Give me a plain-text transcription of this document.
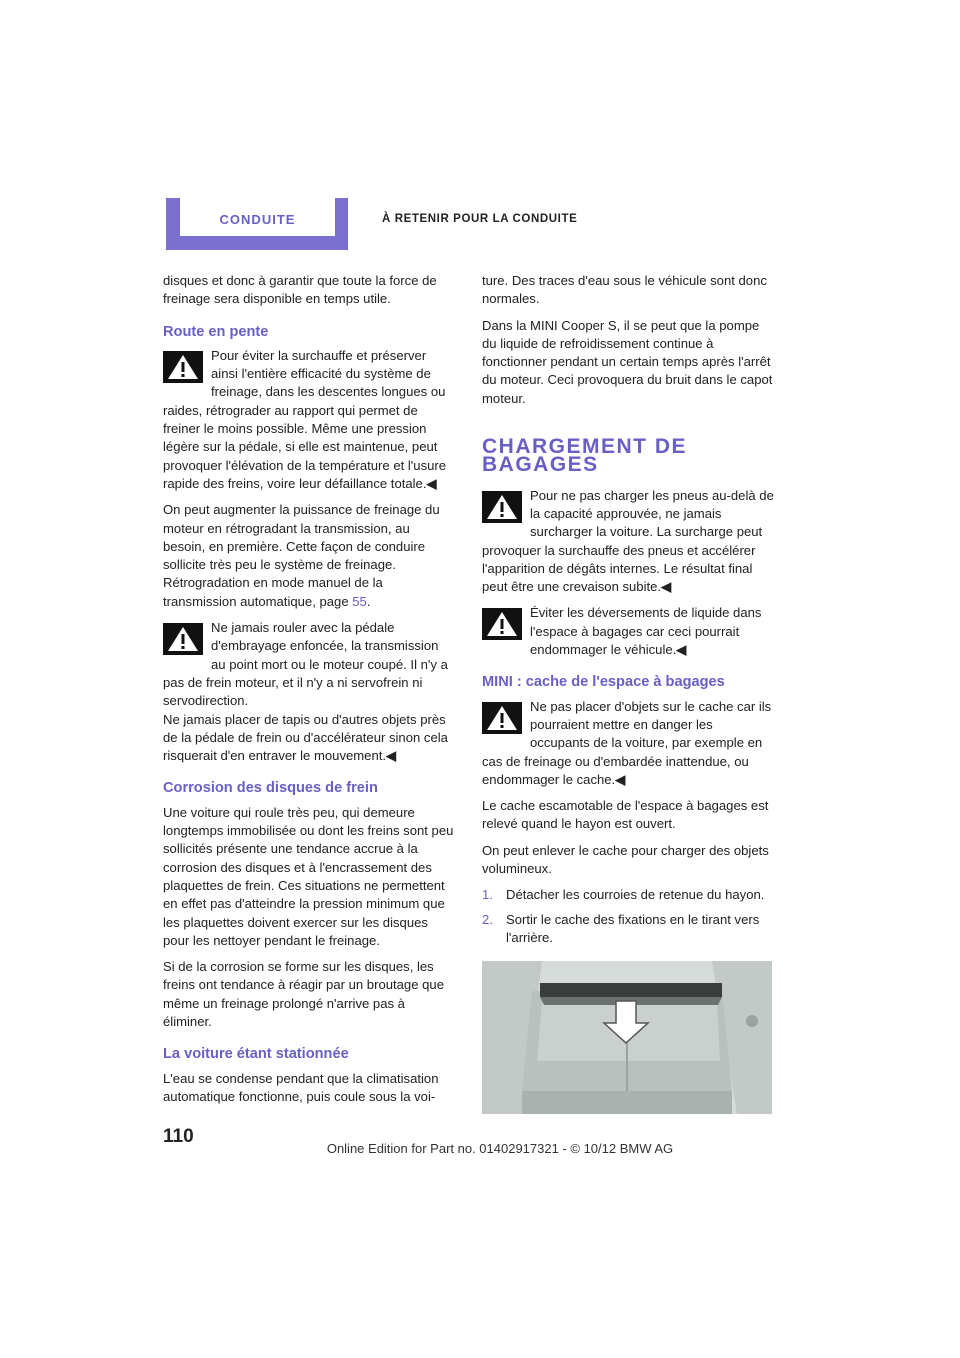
CONDUITE	À RETENIR POUR LA CONDUITE

disques et donc à garantir que toute la force de freinage sera disponible en temps utile.

Route en pente
Pour éviter la surchauffe et préserver ainsi l'entière efficacité du système de freinage, dans les descentes longues ou raides, rétrograder au rapport qui permet de freiner le moins possible. Même une pression légère sur la pédale, si elle est maintenue, peut provoquer l'élévation de la température et l'usure rapide des freins, voire leur défaillance totale.◀

On peut augmenter la puissance de freinage du moteur en rétrogradant la transmission, au besoin, en première. Cette façon de conduire sollicite très peu le système de freinage. Rétrogradation en mode manuel de la transmission automatique, page 55.

Ne jamais rouler avec la pédale d'embrayage enfoncée, la transmission au point mort ou le moteur coupé. Il n'y a pas de frein moteur, et il n'y a ni servofrein ni servodirection.
Ne jamais placer de tapis ou d'autres objets près de la pédale de frein ou d'accélérateur sinon cela risquerait d'en entraver le mouvement.◀
Corrosion des disques de frein

Une voiture qui roule très peu, qui demeure longtemps immobilisée ou dont les freins sont peu sollicités présente une tendance accrue à la corrosion des disques et à l'encrassement des plaquettes de frein. Ces situations ne permettent en effet pas d'atteindre la pression minimum que les plaquettes doivent exercer sur les disques pour les nettoyer pendant le freinage.

Si de la corrosion se forme sur les disques, les freins ont tendance à réagir par un broutage que même un freinage prolongé n'arrive pas à éliminer.

La voiture étant stationnée

L'eau se condense pendant que la climatisation automatique fonctionne, puis coule sous la voi-

ture. Des traces d'eau sous le véhicule sont donc normales.

Dans la MINI Cooper S, il se peut que la pompe du liquide de refroidissement continue à fonctionner pendant un certain temps après l'arrêt du moteur. Ceci provoquera du bruit dans le capot moteur.

CHARGEMENT DE BAGAGES
Pour ne pas charger les pneus au-delà de la capacité approuvée, ne jamais surcharger la voiture. La surcharge peut provoquer la surchauffe des pneus et accélérer l'apparition de dégâts internes. Le résultat final peut être une crevaison subite.◀
Éviter les déversements de liquide dans l'espace à bagages car ceci pourrait endommager le véhicule.◀
MINI : cache de l'espace à bagages
Ne pas placer d'objets sur le cache car ils pourraient mettre en danger les occupants de la voiture, par exemple en cas de freinage ou d'embardée inattendue, ou endommager le cache.◀

Le cache escamotable de l'espace à bagages est relevé quand le hayon est ouvert.

On peut enlever le cache pour charger des objets volumineux.

1. Détacher les courroies de retenue du hayon.
2. Sortir le cache des fixations en le tirant vers l'arrière.
110
Online Edition for Part no. 01402917321 - © 10/12 BMW AG
